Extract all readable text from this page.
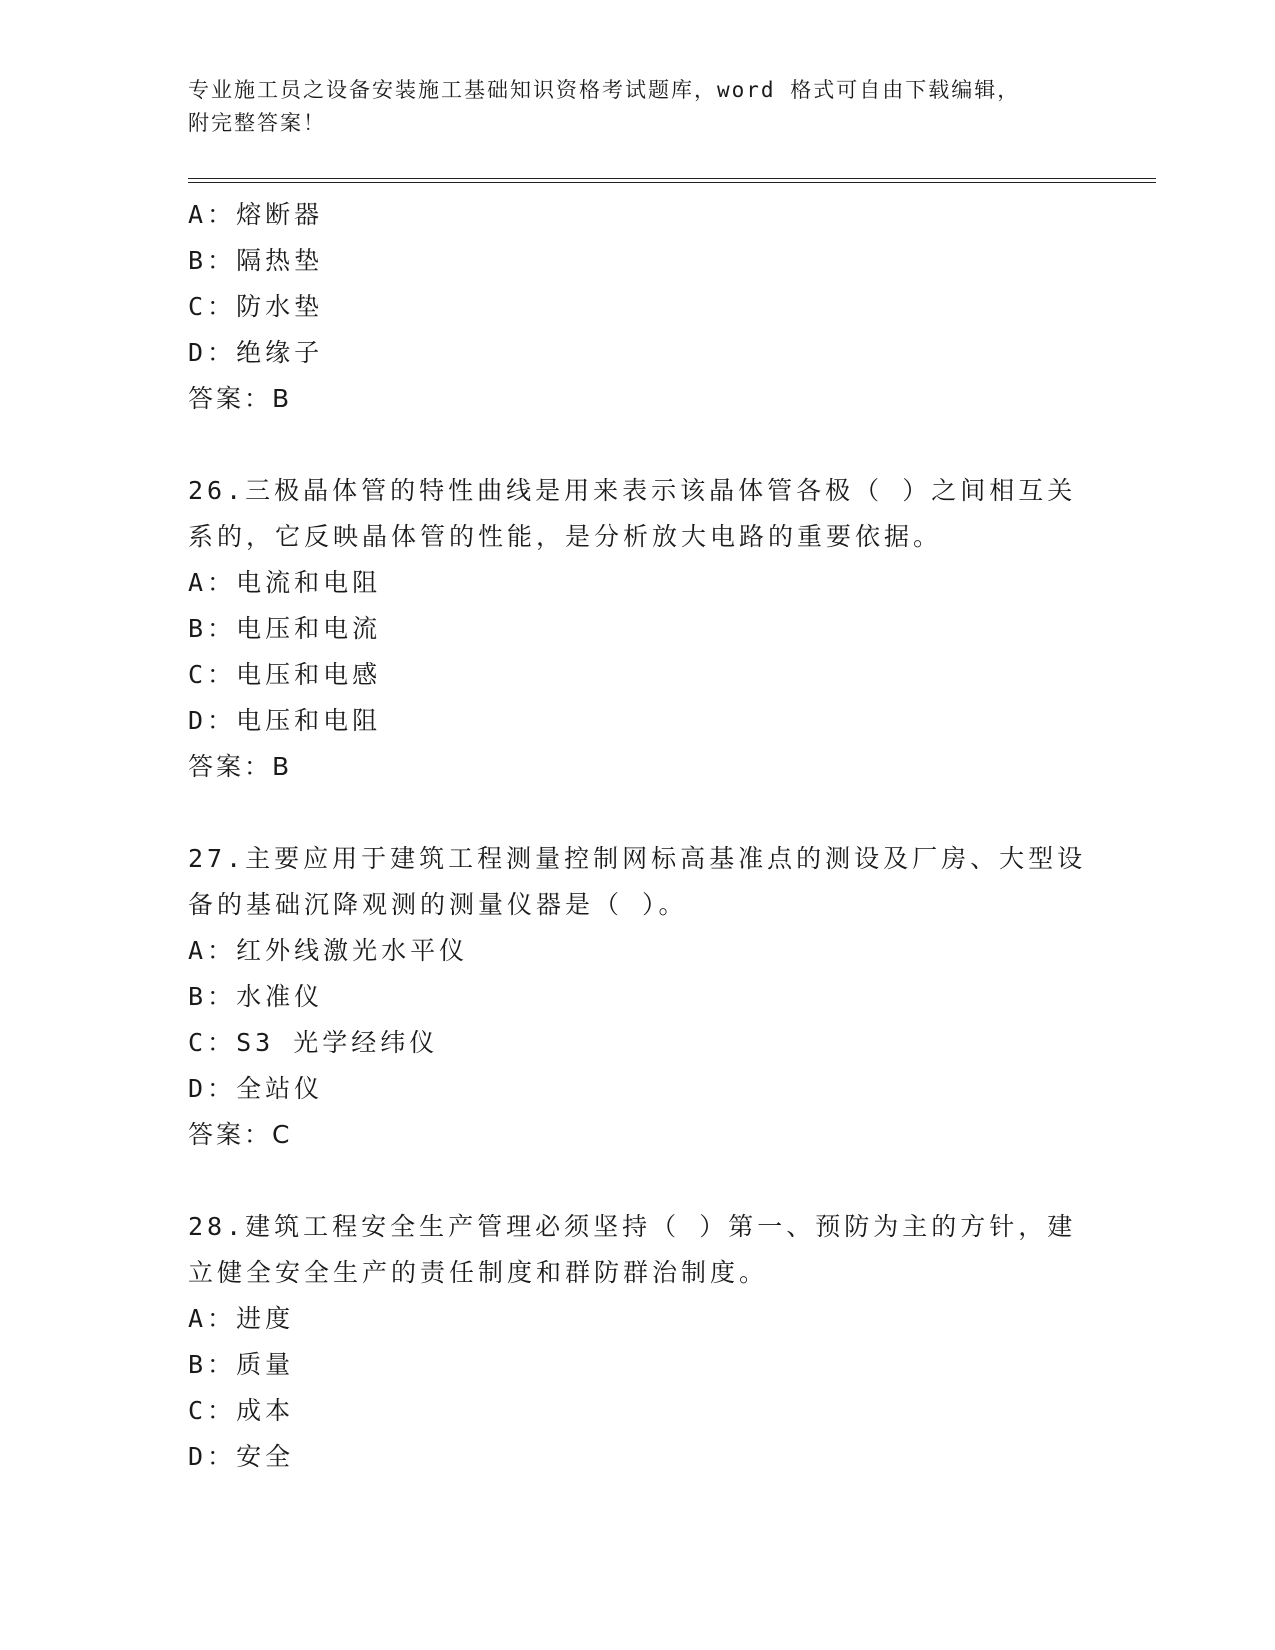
专业施工员之设备安装施工基础知识资格考试题库，word 格式可自由下载编辑，
附完整答案！
A：熔断器
B：隔热垫
C：防水垫
D：绝缘子
答案：B
26.三极晶体管的特性曲线是用来表示该晶体管各极（ ）之间相互关
系的，它反映晶体管的性能，是分析放大电路的重要依据。
A：电流和电阻
B：电压和电流
C：电压和电感
D：电压和电阻
答案：B
27.主要应用于建筑工程测量控制网标高基准点的测设及厂房、大型设
备的基础沉降观测的测量仪器是（ ）。
A：红外线激光水平仪
B：水准仪
C：S3 光学经纬仪
D：全站仪
答案：C
28.建筑工程安全生产管理必须坚持（ ）第一、预防为主的方针，建
立健全安全生产的责任制度和群防群治制度。
A：进度
B：质量
C：成本
D：安全
